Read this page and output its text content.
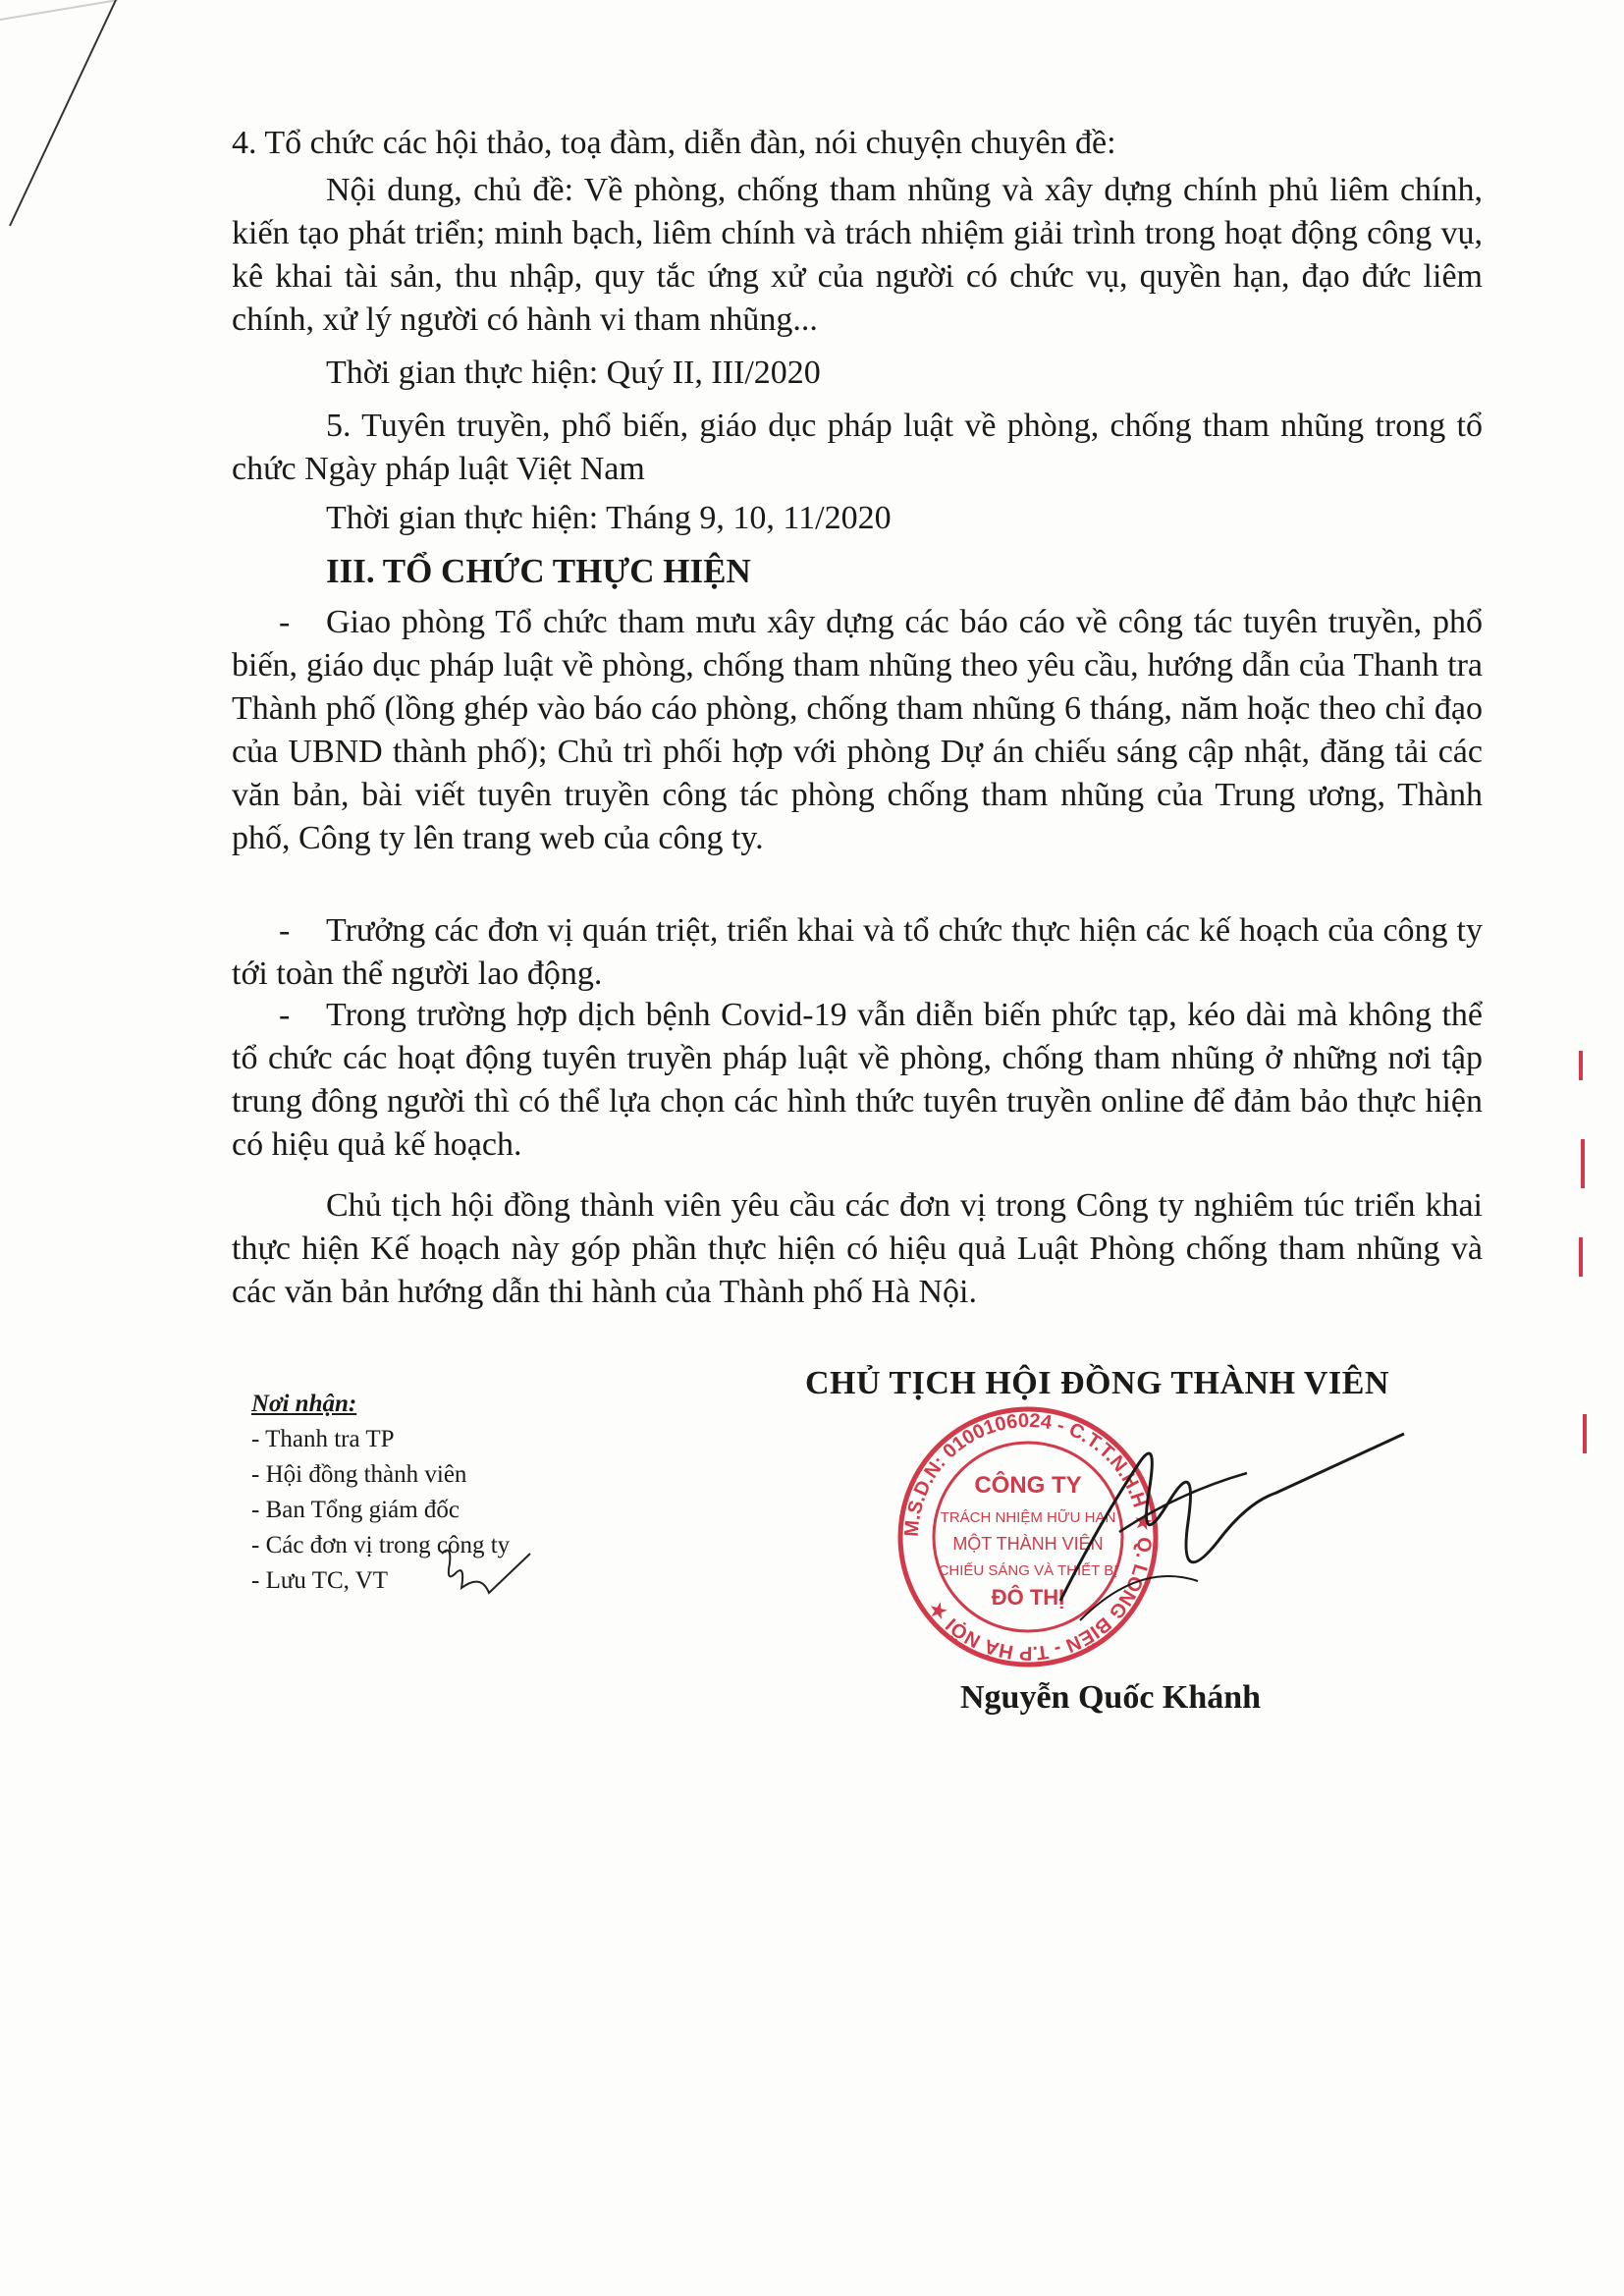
4. Tổ chức các hội thảo, toạ đàm, diễn đàn, nói chuyện chuyên đề:
Nội dung, chủ đề: Về phòng, chống tham nhũng và xây dựng chính phủ liêm chính, kiến tạo phát triển; minh bạch, liêm chính và trách nhiệm giải trình trong hoạt động công vụ, kê khai tài sản, thu nhập, quy tắc ứng xử của người có chức vụ, quyền hạn, đạo đức liêm chính, xử lý người có hành vi tham nhũng...
Thời gian thực hiện: Quý II, III/2020
5. Tuyên truyền, phổ biến, giáo dục pháp luật về phòng, chống tham nhũng trong tổ chức Ngày pháp luật Việt Nam
Thời gian thực hiện: Tháng 9, 10, 11/2020
III. TỔ CHỨC THỰC HIỆN
- Giao phòng Tổ chức tham mưu xây dựng các báo cáo về công tác tuyên truyền, phổ biến, giáo dục pháp luật về phòng, chống tham nhũng theo yêu cầu, hướng dẫn của Thanh tra Thành phố (lồng ghép vào báo cáo phòng, chống tham nhũng 6 tháng, năm hoặc theo chỉ đạo của UBND thành phố); Chủ trì phối hợp với phòng Dự án chiếu sáng cập nhật, đăng tải các văn bản, bài viết tuyên truyền công tác phòng chống tham nhũng của Trung ương, Thành phố, Công ty lên trang web của công ty.
- Trưởng các đơn vị quán triệt, triển khai và tổ chức thực hiện các kế hoạch của công ty tới toàn thể người lao động.
- Trong trường hợp dịch bệnh Covid-19 vẫn diễn biến phức tạp, kéo dài mà không thể tổ chức các hoạt động tuyên truyền pháp luật về phòng, chống tham nhũng ở những nơi tập trung đông người thì có thể lựa chọn các hình thức tuyên truyền online để đảm bảo thực hiện có hiệu quả kế hoạch.
Chủ tịch hội đồng thành viên yêu cầu các đơn vị trong Công ty nghiêm túc triển khai thực hiện Kế hoạch này góp phần thực hiện có hiệu quả Luật Phòng chống tham nhũng và các văn bản hướng dẫn thi hành của Thành phố Hà Nội.
Nơi nhận:
- Thanh tra TP
- Hội đồng thành viên
- Ban Tổng giám đốc
- Các đơn vị trong công ty
- Lưu TC, VT
CHỦ TỊCH HỘI ĐỒNG THÀNH VIÊN
M.S.D.N: 0100106024 - C.T.T.N.H.H ★ Q. LONG BIÊN - T.P HÀ NỘI ★
CÔNG TY
TRÁCH NHIỆM HỮU HẠN
MỘT THÀNH VIÊN
CHIẾU SÁNG VÀ THIẾT BỊ
ĐÔ THỊ
Nguyễn Quốc Khánh
